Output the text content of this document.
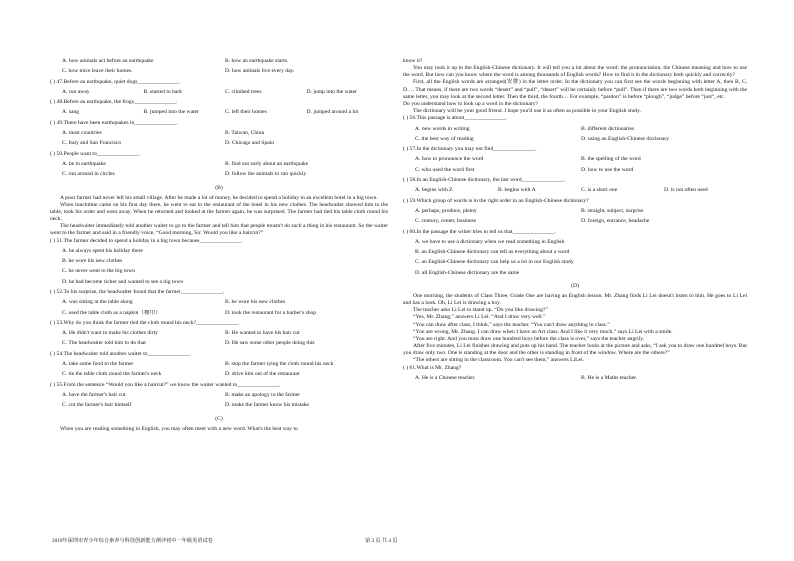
A. how animals act before an earthquake	B. how an earthquake starts.
C. how mice leave their homes.	D. how animals live every day.
( ) 47. Before an earthquake, quiet dogs_______________.
A. run away	B. started to bark	C. climbed trees	D. jump into the water
( ) 48. Before an earthquake, the frogs_______________.
A. sang	B. jumped into the water	C. left their homes	D. jumped around a lot
( ) 49. There have been earthquakes in_______________.
A. most countries	B. Taiwan, China
C. Italy and San Francisco	D. Chicago and Spain
( ) 50. People want to_______________.
A. be in earthquake	B. find out early about an earthquake
C. run around in circles	D. follow the animals to run quickly
(B)
A poor farmer had never left his small village. After he made a lot of money, he decided to spend a holiday in an excellent hotel in a big town.
When lunchtime came on his first day there, he went to eat in the restaurant of the hotel in his new clothes. The headwaiter showed him to the table, took his order and went away. When he returned and looked at the farmer again, he was surprised. The farmer had tied his table cloth round his neck.
The headwaiter immediately told another waiter to go to the farmer and tell him that people mustn't do such a thing in his restaurant. So the waiter went to the farmer and said in a friendly voice, “Good morning, Sir. Would you like a haircut?”
( ) 51. The farmer decided to spend a holiday in a big town because_______________.
A. he always spent his holiday there
B. he wore his new clothes
C. he never went to the big town
D. he had become richer and wanted to see a big town
( ) 52. To his surprise, the headwaiter found that the farmer_______________.
A. was sitting at the table along	B. he wore his new clothes
C. used the table cloth as a napkin（餐巾）	D. took the restaurant for a barber's shop
( ) 53. Why do you think the farmer tied the cloth round his neck?_______________.
A. He didn't want to make his clothes dirty	B. He wanted to have his hair cut
C. The headwaiter told him to do that	D. He saw some other people doing this
( ) 54. The headwaiter told another waiter to_______________.
A. take some food to the farmer	B. stop the farmer tying the cloth round his neck
C. tie the table cloth round the farmer's neck	D. drive him out of the restaurant
( ) 55. From the sentence “Would you like a haircut?” we know the waiter wanted to_______________.
A. have the farmer's hair cut	B. make an apology to the farmer
C. cut the farmer's hair himself	D. make the farmer know his mistake
(C)
When you are reading something in English, you may often meet with a new word. What's the best way to
know it?
You may look it up in the English-Chinese dictionary. It will tell you a lot about the word: the pronunciation, the Chinese meaning and how to use the word. But how can you know where the word is among thousands of English words? How to find it in the dictionary both quickly and correctly?
First, all the English words are arranged(安排) in the letter order. In the dictionary you can first see the words beginning with letter A, then B, C, D…. That means, if there are two words “desert” and “pull”, “desert” will be certainly before “pull”. Then if there are two words both beginning with the same letter, you may look at the second letter. Then the third, the fourth… For example, “pardon” is before “plough”, “judge” before “just”, etc.
Do you understand how to look up a word in the dictionary?
The dictionary will be your good friend. I hope you'll use it as often as possible in your English study.
( ) 56. This passage is about_______________.
A. new words in writing	B. different dictionaries
C. the best way of reading	D. using an English-Chinese dictionary
( ) 57. In the dictionary you may not find_______________.
A. how to pronounce the word	B. the spelling of the word
C. who used the word first	D. how to use the word
( ) 58. In an English-Chinese dictionary, the last word_______________.
A. begins with Z	B. begins with A	C. is a short one	D. is not often used
( ) 59. Which group of words is in the right order in an English-Chinese dictionary?
A. perhaps, produce, plenty	B. straight, subject, surprise
C. century, center, business	D. foreign, entrance, headache
( ) 60. In the passage the writer tries to tell us that_______________.
A. we have to use a dictionary when we read something in English
B. an English-Chinese dictionary can tell us everything about a word
C. an English-Chinese dictionary can help us a lot in our English study
D. all English-Chinese dictionary are the same
(D)
One morning, the students of Class Three, Grade One are having an English lesson. Mr. Zhang finds Li Lei doesn't listen to him. He goes to Li Lei and has a look. Oh, Li Lei is drawing a boy.
The teacher asks Li Lei to stand up. “Do you like drawing?”
“Yes, Mr. Zhang,” answers Li Lei. “And I draw very well.”
“You can draw after class, I think,” says the teacher. “You can't draw anything in class.”
“You are wrong, Mr. Zhang. I can draw when I have an Art class. And I like it very much,” says Li Lei with a smile.
“You are right. And you must draw one hundred boys before the class is over,” says the teacher angrily.
After five minutes, Li Lei finishes drawing and puts up his hand. The teacher looks at the picture and asks, “I ask you to draw one hundred boys. But you draw only two. One is standing at the door and the other is standing in front of the window. Where are the others?”
“The others are sitting in the classroom. You can't see them,” answers LiLei.
( ) 61. What is Mr. Zhang?
A. He is a Chinese teacher.	B. He is a Maths teacher.
2019年深圳市青少年综合素养与科技创新能力测评初中一年级英语试卷	第 3 页 共 4 页
